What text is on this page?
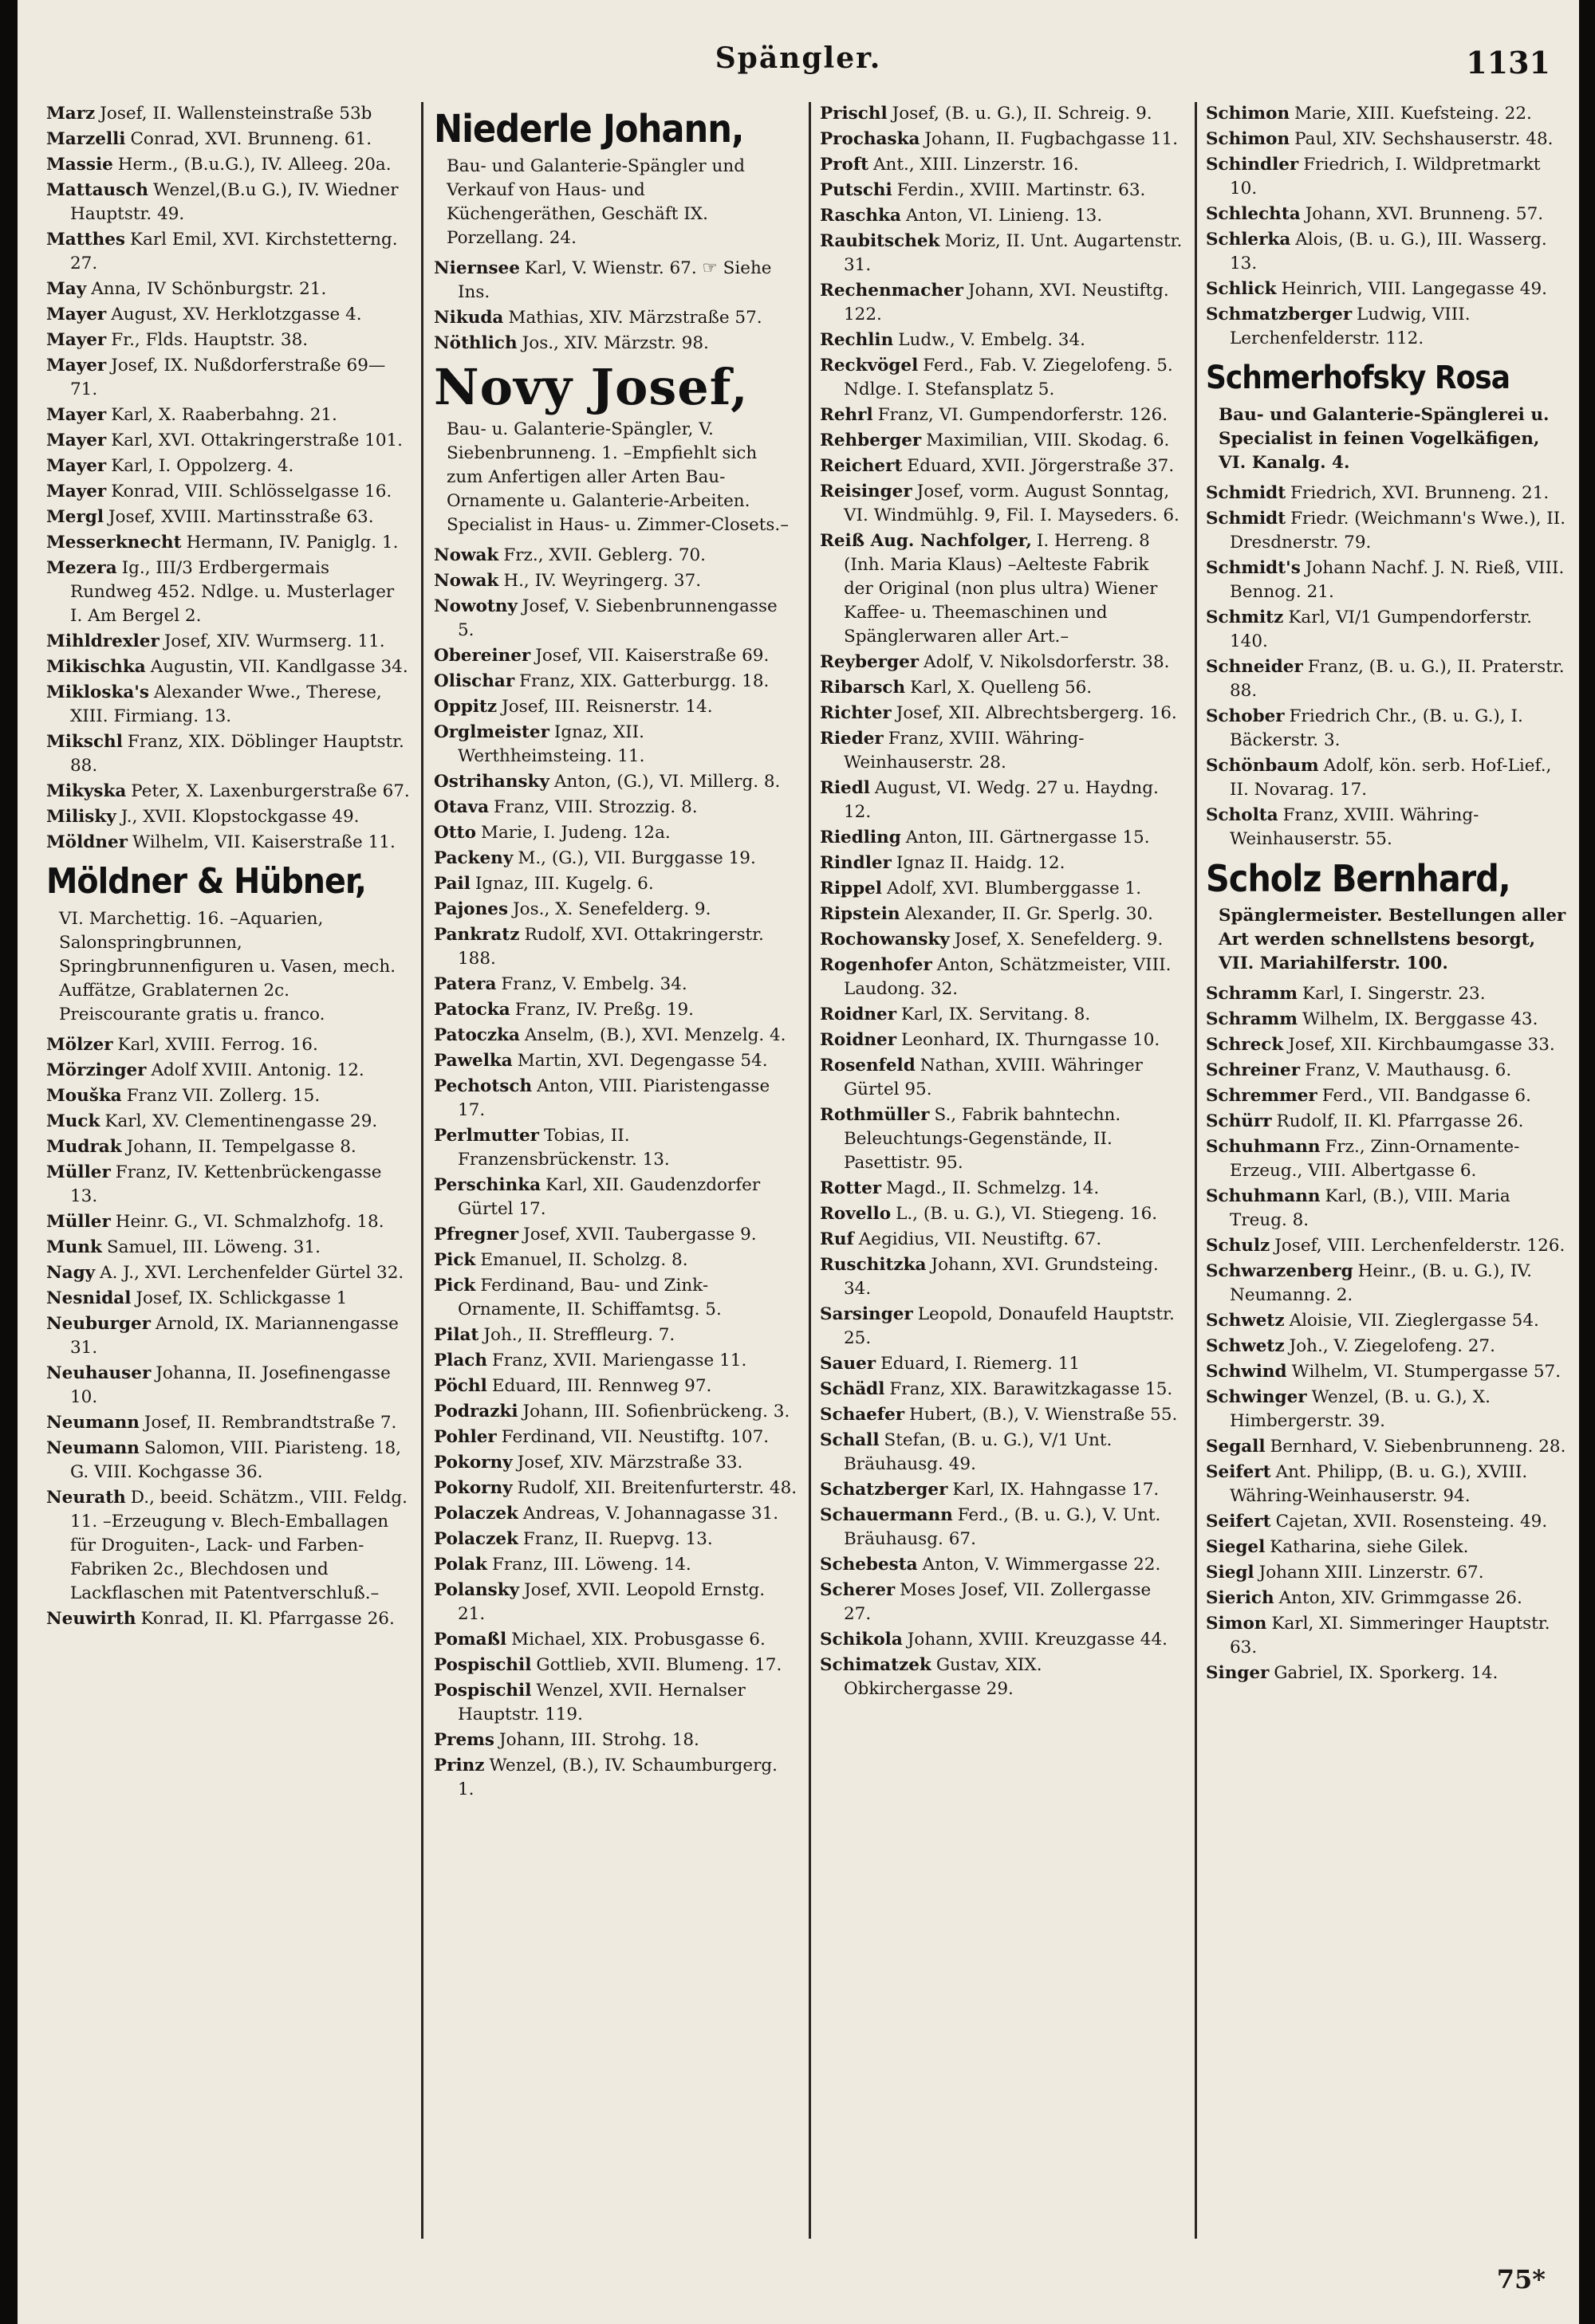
Spängler.	1131
Marz Josef, II. Wallensteinstraße 53b
Marzelli Conrad, XVI. Brunneng. 61.
Massie Herm., (B.u.G.), IV. Alleeg. 20a.
Mattausch Wenzel,(B.u G.), IV. Wiedner Hauptstr. 49.
Matthes Karl Emil, XVI. Kirchstetterng. 27.
May Anna, IV Schönburgstr. 21.
Mayer August, XV. Herklotzgasse 4.
Mayer Fr., Flds. Hauptstr. 38.
Mayer Josef, IX. Nußdorferstraße 69—71.
Mayer Karl, X. Raaberbahng. 21.
Mayer Karl, XVI. Ottakringerstraße 101.
Mayer Karl, I. Oppolzerg. 4.
Mayer Konrad, VIII. Schlösselgasse 16.
Mergl Josef, XVIII. Martinsstraße 63.
Messerknecht Hermann, IV. Paniglg. 1.
Mezera Ig., III/3 Erdbergermais Rundweg 452. Ndlge. u. Musterlager I. Am Bergel 2.
Mihldrexler Josef, XIV. Wurmserg. 11.
Mikischka Augustin, VII. Kandlgasse 34.
Mikloska's Alexander Wwe., Therese, XIII. Firmiang. 13.
Mikschl Franz, XIX. Döblinger Hauptstr. 88.
Mikyska Peter, X. Laxenburgerstraße 67.
Milisky J., XVII. Klopstockgasse 49.
Möldner Wilhelm, VII. Kaiserstraße 11.
Möldner & Hübner,
VI. Marchettig. 16. –Aquarien, Salonspringbrunnen, Springbrunnenfiguren u. Vasen, mech. Auffätze, Grablaternen 2c. Preiscourante gratis u. franco.
Mölzer Karl, XVIII. Ferrog. 16.
Mörzinger Adolf XVIII. Antonig. 12.
Mouška Franz VII. Zollerg. 15.
Muck Karl, XV. Clementinengasse 29.
Mudrak Johann, II. Tempelgasse 8.
Müller Franz, IV. Kettenbrückengasse 13.
Müller Heinr. G., VI. Schmalzhofg. 18.
Munk Samuel, III. Löweng. 31.
Nagy A. J., XVI. Lerchenfelder Gürtel 32.
Nesnidal Josef, IX. Schlickgasse 1
Neuburger Arnold, IX. Mariannengasse 31.
Neuhauser Johanna, II. Josefinengasse 10.
Neumann Josef, II. Rembrandtstraße 7.
Neumann Salomon, VIII. Piaristeng. 18, G. VIII. Kochgasse 36.
Neurath D., beeid. Schätzm., VIII. Feldg. 11. –Erzeugung v. Blech-Emballagen für Droguiten-, Lack- und Farben-Fabriken 2c., Blechdosen und Lackflaschen mit Patentverschluß.–
Neuwirth Konrad, II. Kl. Pfarrgasse 26.
Niederle Johann,
Bau- und Galanterie-Spängler und Verkauf von Haus- und Küchengeräthen, Geschäft IX. Porzellang. 24.
Niernsee Karl, V. Wienstr. 67. ☞ Siehe Ins.
Nikuda Mathias, XIV. Märzstraße 57.
Nöthlich Jos., XIV. Märzstr. 98.
Novy Josef,
Bau- u. Galanterie-Spängler, V. Siebenbrunneng. 1. –Empfiehlt sich zum Anfertigen aller Arten Bau-Ornamente u. Galanterie-Arbeiten. Specialist in Haus- u. Zimmer-Closets.–
Nowak Frz., XVII. Geblerg. 70.
Nowak H., IV. Weyringerg. 37.
Nowotny Josef, V. Siebenbrunnengasse 5.
Obereiner Josef, VII. Kaiserstraße 69.
Olischar Franz, XIX. Gatterburgg. 18.
Oppitz Josef, III. Reisnerstr. 14.
Orglmeister Ignaz, XII. Werthheimsteing. 11.
Ostrihansky Anton, (G.), VI. Millerg. 8.
Otava Franz, VIII. Strozzig. 8.
Otto Marie, I. Judeng. 12a.
Packeny M., (G.), VII. Burggasse 19.
Pail Ignaz, III. Kugelg. 6.
Pajones Jos., X. Senefelderg. 9.
Pankratz Rudolf, XVI. Ottakringerstr. 188.
Patera Franz, V. Embelg. 34.
Patocka Franz, IV. Preßg. 19.
Patoczka Anselm, (B.), XVI. Menzelg. 4.
Pawelka Martin, XVI. Degengasse 54.
Pechotsch Anton, VIII. Piaristengasse 17.
Perlmutter Tobias, II. Franzensbrückenstr. 13.
Perschinka Karl, XII. Gaudenzdorfer Gürtel 17.
Pfregner Josef, XVII. Taubergasse 9.
Pick Emanuel, II. Scholzg. 8.
Pick Ferdinand, Bau- und Zink-Ornamente, II. Schiffamtsg. 5.
Pilat Joh., II. Streffleurg. 7.
Plach Franz, XVII. Mariengasse 11.
Pöchl Eduard, III. Rennweg 97.
Podrazki Johann, III. Sofienbrückeng. 3.
Pohler Ferdinand, VII. Neustiftg. 107.
Pokorny Josef, XIV. Märzstraße 33.
Pokorny Rudolf, XII. Breitenfurterstr. 48.
Polaczek Andreas, V. Johannagasse 31.
Polaczek Franz, II. Ruepvg. 13.
Polak Franz, III. Löweng. 14.
Polansky Josef, XVII. Leopold Ernstg. 21.
Pomaßl Michael, XIX. Probusgasse 6.
Pospischil Gottlieb, XVII. Blumeng. 17.
Pospischil Wenzel, XVII. Hernalser Hauptstr. 119.
Prems Johann, III. Strohg. 18.
Prinz Wenzel, (B.), IV. Schaumburgerg. 1.
Prischl Josef, (B. u. G.), II. Schreig. 9.
Prochaska Johann, II. Fugbachgasse 11.
Proft Ant., XIII. Linzerstr. 16.
Putschi Ferdin., XVIII. Martinstr. 63.
Raschka Anton, VI. Linieng. 13.
Raubitschek Moriz, II. Unt. Augartenstr. 31.
Rechenmacher Johann, XVI. Neustiftg. 122.
Rechlin Ludw., V. Embelg. 34.
Reckvögel Ferd., Fab. V. Ziegelofeng. 5. Ndlge. I. Stefansplatz 5.
Rehrl Franz, VI. Gumpendorferstr. 126.
Rehberger Maximilian, VIII. Skodag. 6.
Reichert Eduard, XVII. Jörgerstraße 37.
Reisinger Josef, vorm. August Sonntag, VI. Windmühlg. 9, Fil. I. Mayseders. 6.
Reiß Aug. Nachfolger, I. Herreng. 8 (Inh. Maria Klaus) –Aelteste Fabrik der Original (non plus ultra) Wiener Kaffee- u. Theemaschinen und Spänglerwaren aller Art.–
Reyberger Adolf, V. Nikolsdorferstr. 38.
Ribarsch Karl, X. Quelleng 56.
Richter Josef, XII. Albrechtsbergerg. 16.
Rieder Franz, XVIII. Währing-Weinhauserstr. 28.
Riedl August, VI. Wedg. 27 u. Haydng. 12.
Riedling Anton, III. Gärtnergasse 15.
Rindler Ignaz II. Haidg. 12.
Rippel Adolf, XVI. Blumberggasse 1.
Ripstein Alexander, II. Gr. Sperlg. 30.
Rochowansky Josef, X. Senefelderg. 9.
Rogenhofer Anton, Schätzmeister, VIII. Laudong. 32.
Roidner Karl, IX. Servitang. 8.
Roidner Leonhard, IX. Thurngasse 10.
Rosenfeld Nathan, XVIII. Währinger Gürtel 95.
Rothmüller S., Fabrik bahntechn. Beleuchtungs-Gegenstände, II. Pasettistr. 95.
Rotter Magd., II. Schmelzg. 14.
Rovello L., (B. u. G.), VI. Stiegeng. 16.
Ruf Aegidius, VII. Neustiftg. 67.
Ruschitzka Johann, XVI. Grundsteing. 34.
Sarsinger Leopold, Donaufeld Hauptstr. 25.
Sauer Eduard, I. Riemerg. 11
Schädl Franz, XIX. Barawitzkagasse 15.
Schaefer Hubert, (B.), V. Wienstraße 55.
Schall Stefan, (B. u. G.), V/1 Unt. Bräuhausg. 49.
Schatzberger Karl, IX. Hahngasse 17.
Schauermann Ferd., (B. u. G.), V. Unt. Bräuhausg. 67.
Schebesta Anton, V. Wimmergasse 22.
Scherer Moses Josef, VII. Zollergasse 27.
Schikola Johann, XVIII. Kreuzgasse 44.
Schimatzek Gustav, XIX. Obkirchergasse 29.
Schimon Marie, XIII. Kuefsteing. 22.
Schimon Paul, XIV. Sechshauserstr. 48.
Schindler Friedrich, I. Wildpretmarkt 10.
Schlechta Johann, XVI. Brunneng. 57.
Schlerka Alois, (B. u. G.), III. Wasserg. 13.
Schlick Heinrich, VIII. Langegasse 49.
Schmatzberger Ludwig, VIII. Lerchenfelderstr. 112.
Schmerhofsky Rosa
Bau- und Galanterie-Spänglerei u. Specialist in feinen Vogelkäfigen, VI. Kanalg. 4.
Schmidt Friedrich, XVI. Brunneng. 21.
Schmidt Friedr. (Weichmann's Wwe.), II. Dresdnerstr. 79.
Schmidt's Johann Nachf. J. N. Rieß, VIII. Bennog. 21.
Schmitz Karl, VI/1 Gumpendorferstr. 140.
Schneider Franz, (B. u. G.), II. Praterstr. 88.
Schober Friedrich Chr., (B. u. G.), I. Bäckerstr. 3.
Schönbaum Adolf, kön. serb. Hof-Lief., II. Novarag. 17.
Scholta Franz, XVIII. Währing-Weinhauserstr. 55.
Scholz Bernhard,
Spänglermeister. Bestellungen aller Art werden schnellstens besorgt, VII. Mariahilferstr. 100.
Schramm Karl, I. Singerstr. 23.
Schramm Wilhelm, IX. Berggasse 43.
Schreck Josef, XII. Kirchbaumgasse 33.
Schreiner Franz, V. Mauthausg. 6.
Schremmer Ferd., VII. Bandgasse 6.
Schürr Rudolf, II. Kl. Pfarrgasse 26.
Schuhmann Frz., Zinn-Ornamente-Erzeug., VIII. Albertgasse 6.
Schuhmann Karl, (B.), VIII. Maria Treug. 8.
Schulz Josef, VIII. Lerchenfelderstr. 126.
Schwarzenberg Heinr., (B. u. G.), IV. Neumanng. 2.
Schwetz Aloisie, VII. Zieglergasse 54.
Schwetz Joh., V. Ziegelofeng. 27.
Schwind Wilhelm, VI. Stumpergasse 57.
Schwinger Wenzel, (B. u. G.), X. Himbergerstr. 39.
Segall Bernhard, V. Siebenbrunneng. 28.
Seifert Ant. Philipp, (B. u. G.), XVIII. Währing-Weinhauserstr. 94.
Seifert Cajetan, XVII. Rosensteing. 49.
Siegel Katharina, siehe Gilek.
Siegl Johann XIII. Linzerstr. 67.
Sierich Anton, XIV. Grimmgasse 26.
Simon Karl, XI. Simmeringer Hauptstr. 63.
Singer Gabriel, IX. Sporkerg. 14.
75*
